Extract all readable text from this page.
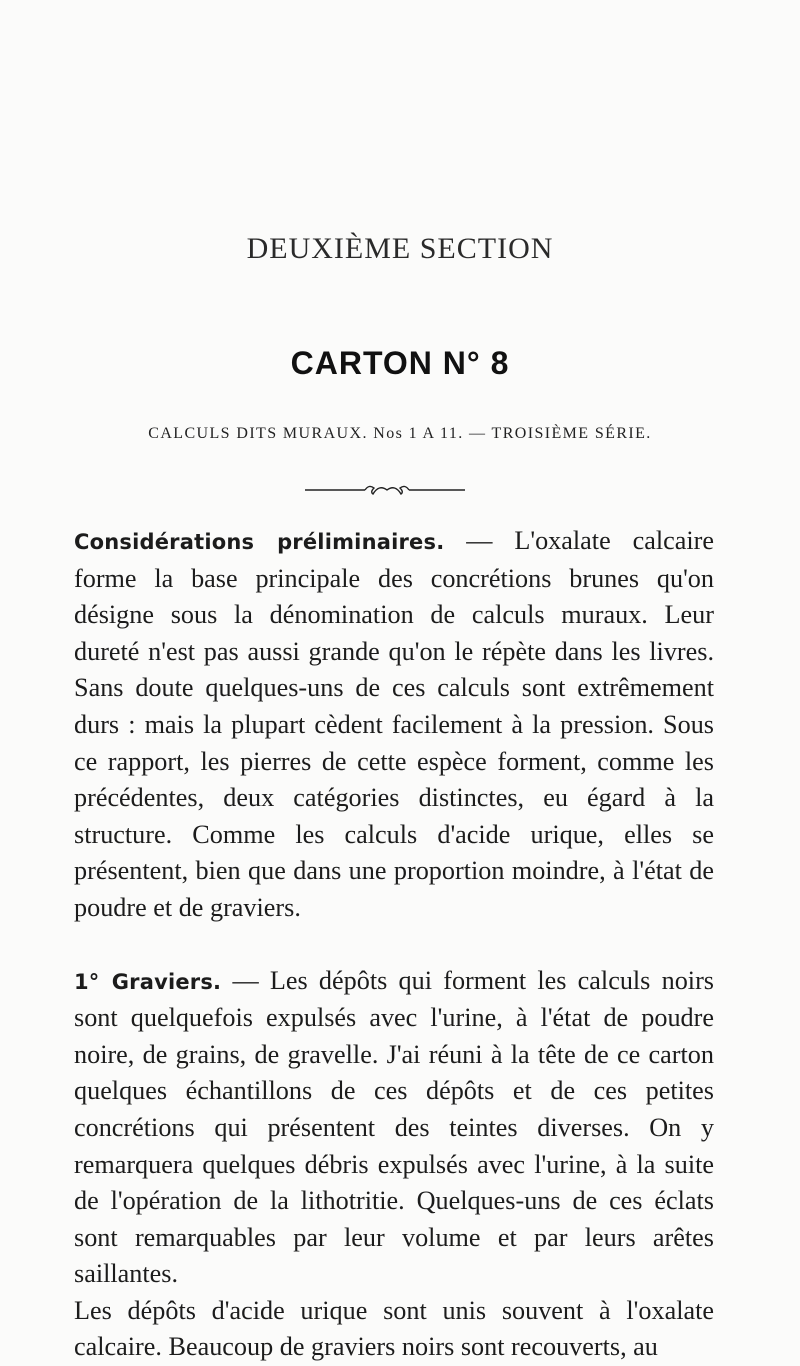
DEUXIÈME SECTION
CARTON N° 8
CALCULS DITS MURAUX. Nos 1 A 11. — TROISIÈME SÉRIE.

Considérations préliminaires. — L'oxalate calcaire forme la base principale des concrétions brunes qu'on désigne sous la dénomination de calculs muraux. Leur dureté n'est pas aussi grande qu'on le répète dans les livres. Sans doute quelques-uns de ces calculs sont extrêmement durs : mais la plupart cèdent facilement à la pression. Sous ce rapport, les pierres de cette espèce forment, comme les précédentes, deux catégories distinctes, eu égard à la structure. Comme les calculs d'acide urique, elles se présentent, bien que dans une proportion moindre, à l'état de poudre et de graviers.

1° Graviers. — Les dépôts qui forment les calculs noirs sont quelquefois expulsés avec l'urine, à l'état de poudre noire, de grains, de gravelle. J'ai réuni à la tête de ce carton quelques échantillons de ces dépôts et de ces petites concrétions qui présentent des teintes diverses. On y remarquera quelques débris expulsés avec l'urine, à la suite de l'opération de la lithotritie. Quelques-uns de ces éclats sont remarquables par leur volume et par leurs arêtes saillantes.

Les dépôts d'acide urique sont unis souvent à l'oxalate calcaire. Beaucoup de graviers noirs sont recouverts, au
